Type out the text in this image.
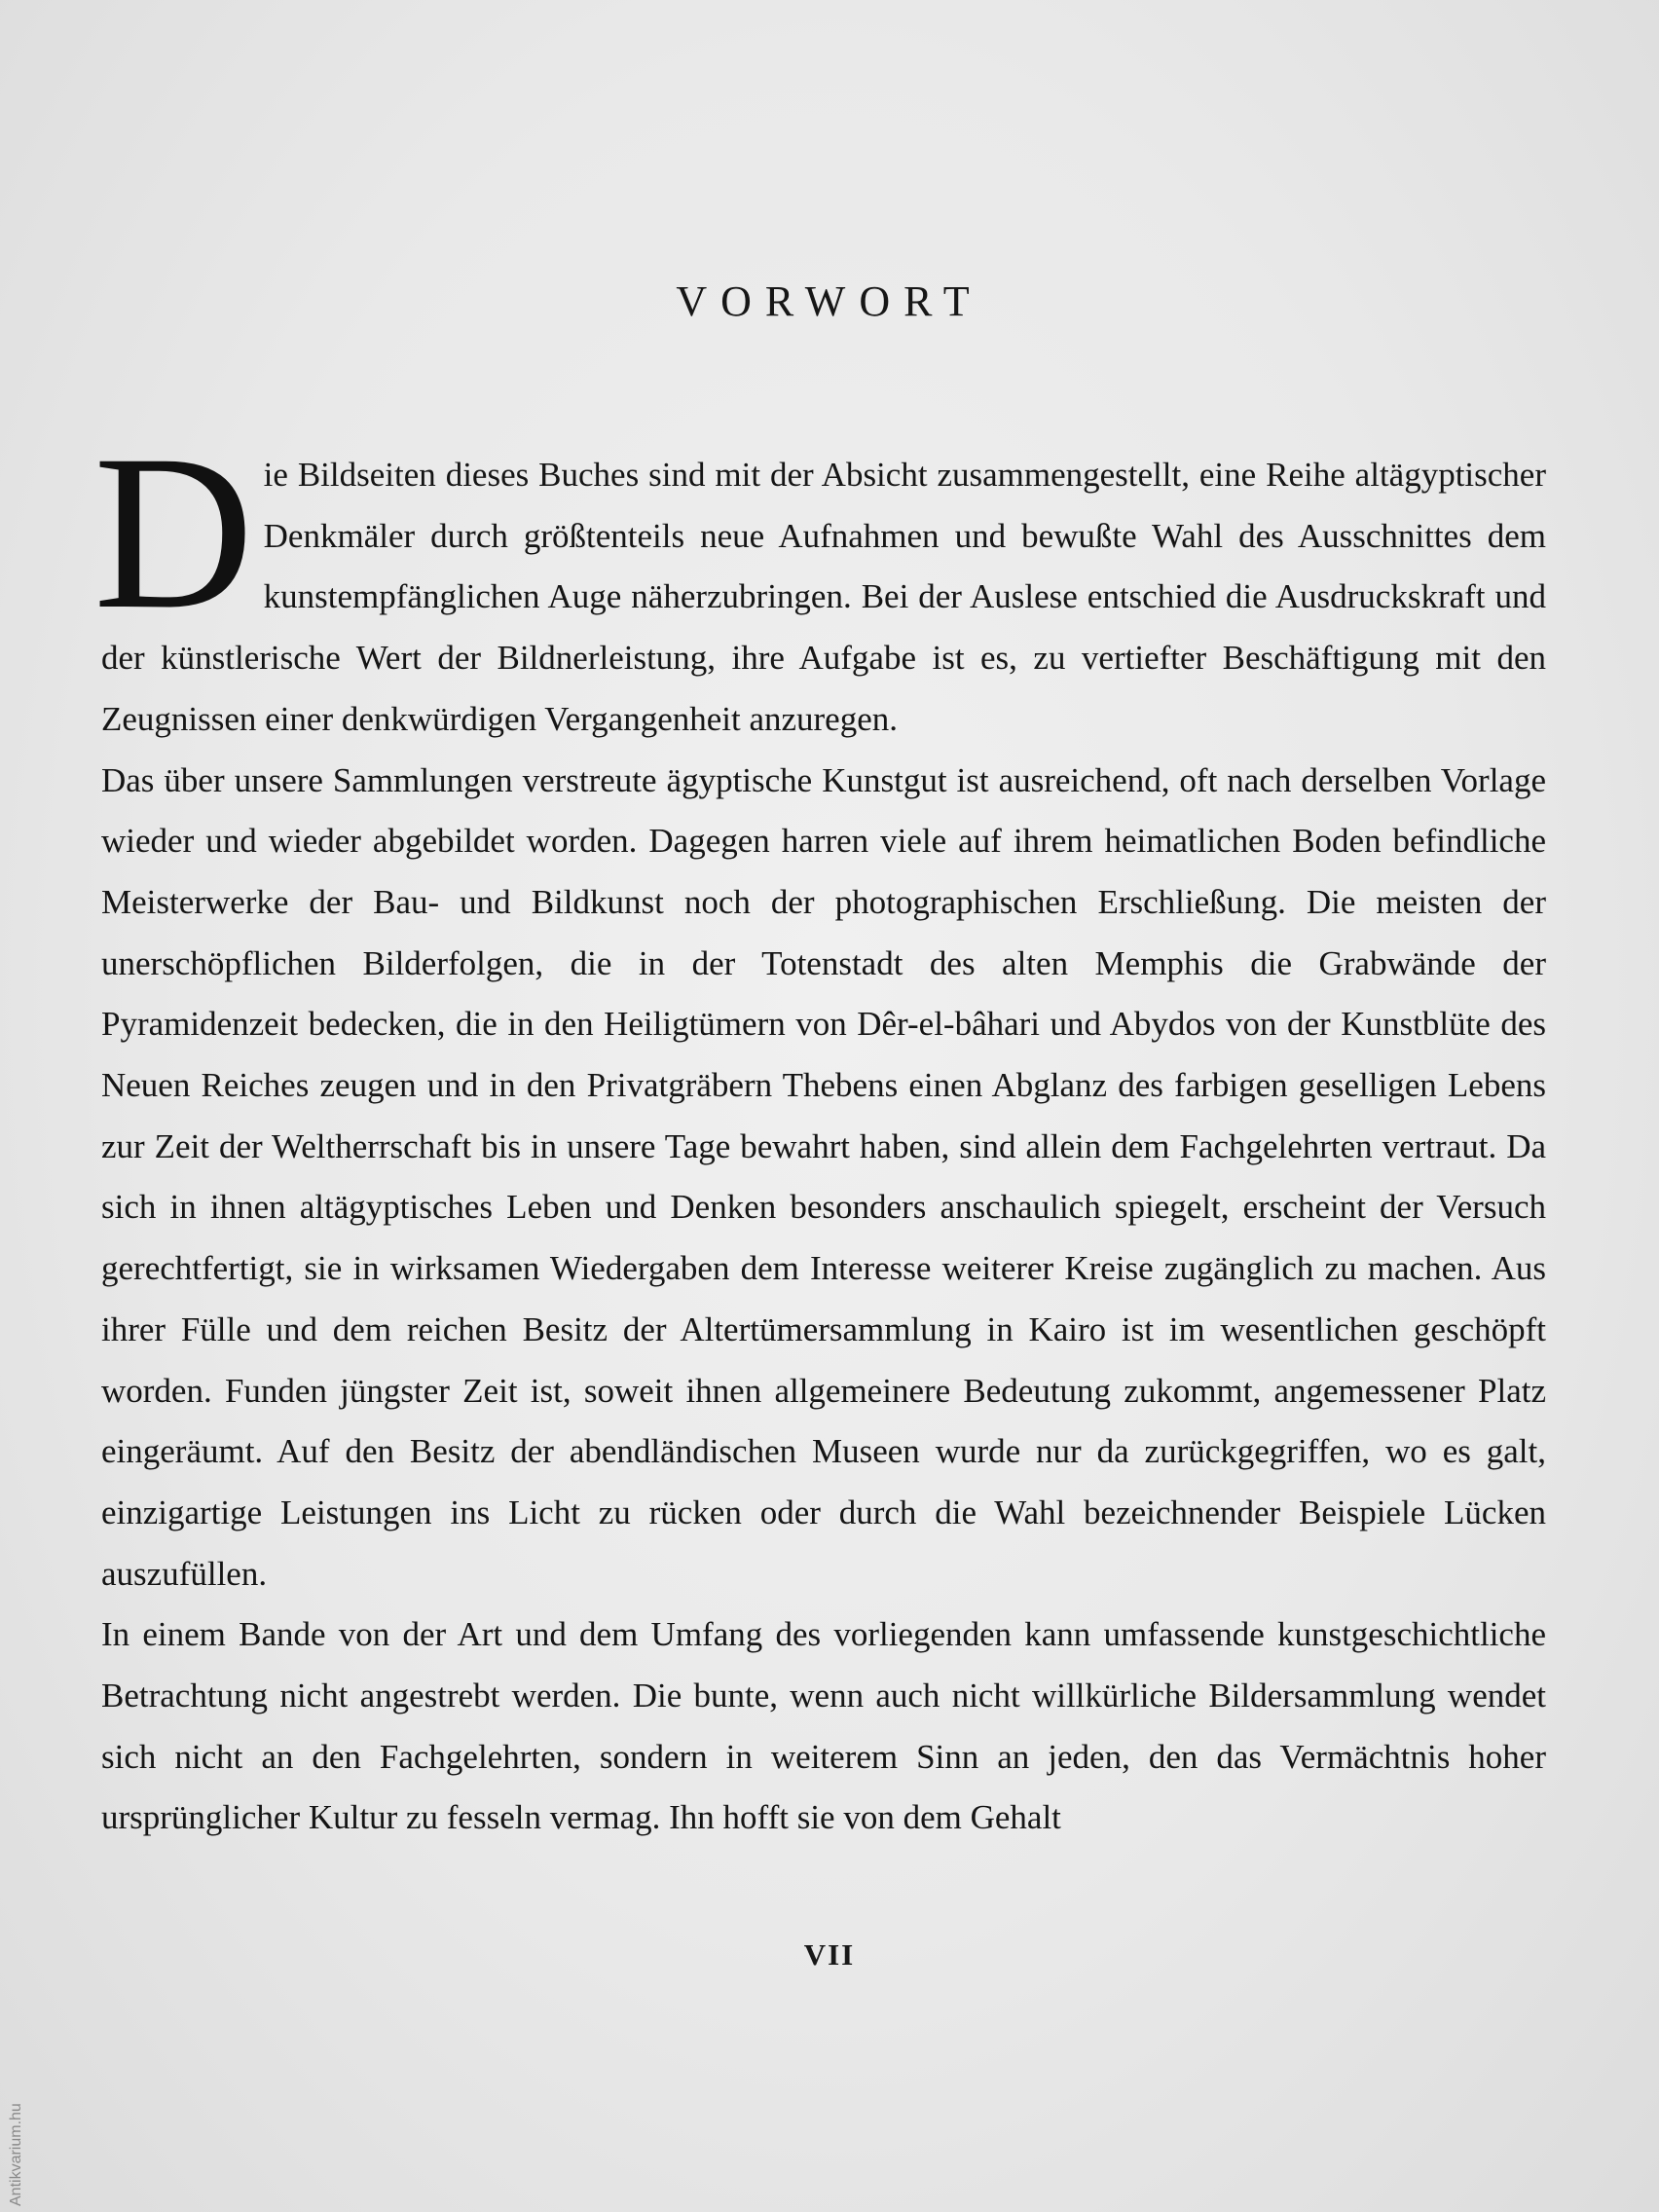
VORWORT

Die Bildseiten dieses Buches sind mit der Absicht zusammengestellt, eine Reihe altägyptischer Denkmäler durch größtenteils neue Aufnahmen und bewußte Wahl des Ausschnittes dem kunstempfänglichen Auge näherzubringen. Bei der Auslese entschied die Ausdruckskraft und der künstlerische Wert der Bildnerleistung, ihre Aufgabe ist es, zu vertiefter Beschäftigung mit den Zeugnissen einer denkwürdigen Vergangenheit anzuregen.

Das über unsere Sammlungen verstreute ägyptische Kunstgut ist ausreichend, oft nach derselben Vorlage wieder und wieder abgebildet worden. Dagegen harren viele auf ihrem heimatlichen Boden befindliche Meisterwerke der Bau- und Bildkunst noch der photographischen Erschließung. Die meisten der unerschöpflichen Bilderfolgen, die in der Totenstadt des alten Memphis die Grabwände der Pyramidenzeit bedecken, die in den Heiligtümern von Dêr-el-bâhari und Abydos von der Kunstblüte des Neuen Reiches zeugen und in den Privatgräbern Thebens einen Abglanz des farbigen geselligen Lebens zur Zeit der Weltherrschaft bis in unsere Tage bewahrt haben, sind allein dem Fachgelehrten vertraut. Da sich in ihnen altägyptisches Leben und Denken besonders anschaulich spiegelt, erscheint der Versuch gerechtfertigt, sie in wirksamen Wiedergaben dem Interesse weiterer Kreise zugänglich zu machen. Aus ihrer Fülle und dem reichen Besitz der Altertümersammlung in Kairo ist im wesentlichen geschöpft worden. Funden jüngster Zeit ist, soweit ihnen allgemeinere Bedeutung zukommt, angemessener Platz eingeräumt. Auf den Besitz der abendländischen Museen wurde nur da zurückgegriffen, wo es galt, einzigartige Leistungen ins Licht zu rücken oder durch die Wahl bezeichnender Beispiele Lücken auszufüllen.

In einem Bande von der Art und dem Umfang des vorliegenden kann umfassende kunstgeschichtliche Betrachtung nicht angestrebt werden. Die bunte, wenn auch nicht willkürliche Bildersammlung wendet sich nicht an den Fachgelehrten, sondern in weiterem Sinn an jeden, den das Vermächtnis hoher ursprünglicher Kultur zu fesseln vermag. Ihn hofft sie von dem Gehalt

VII
Antikvarium.hu
